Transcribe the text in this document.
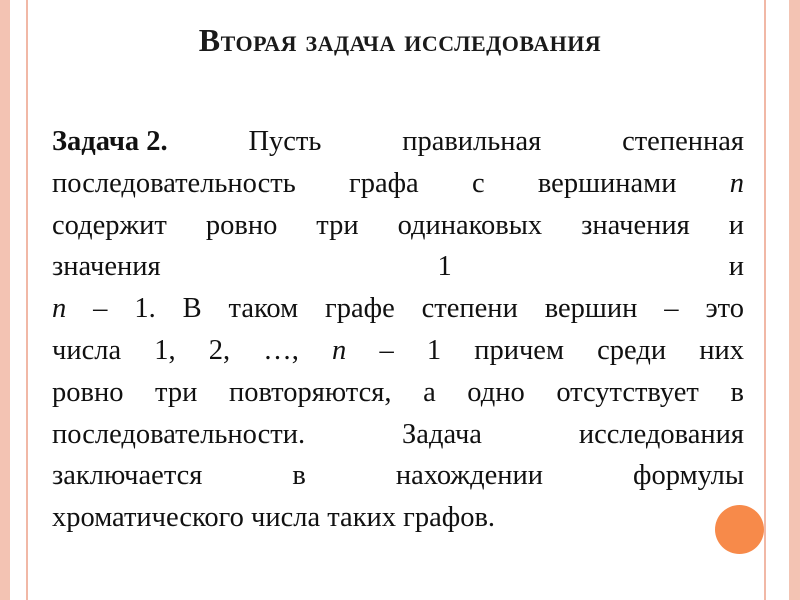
Вторая задача исследования
Задача 2.	Пусть	правильная	степенная
последовательность графа с вершинами n
содержит ровно три одинаковых значения и
значения	1	и
n – 1. В таком графе степени вершин – это
числа 1, 2, …, n – 1 причем среди них
ровно три повторяются, а одно отсутствует в
последовательности.	Задача	исследования
заключается	в	нахождении	формулы
хроматического числа таких графов.
